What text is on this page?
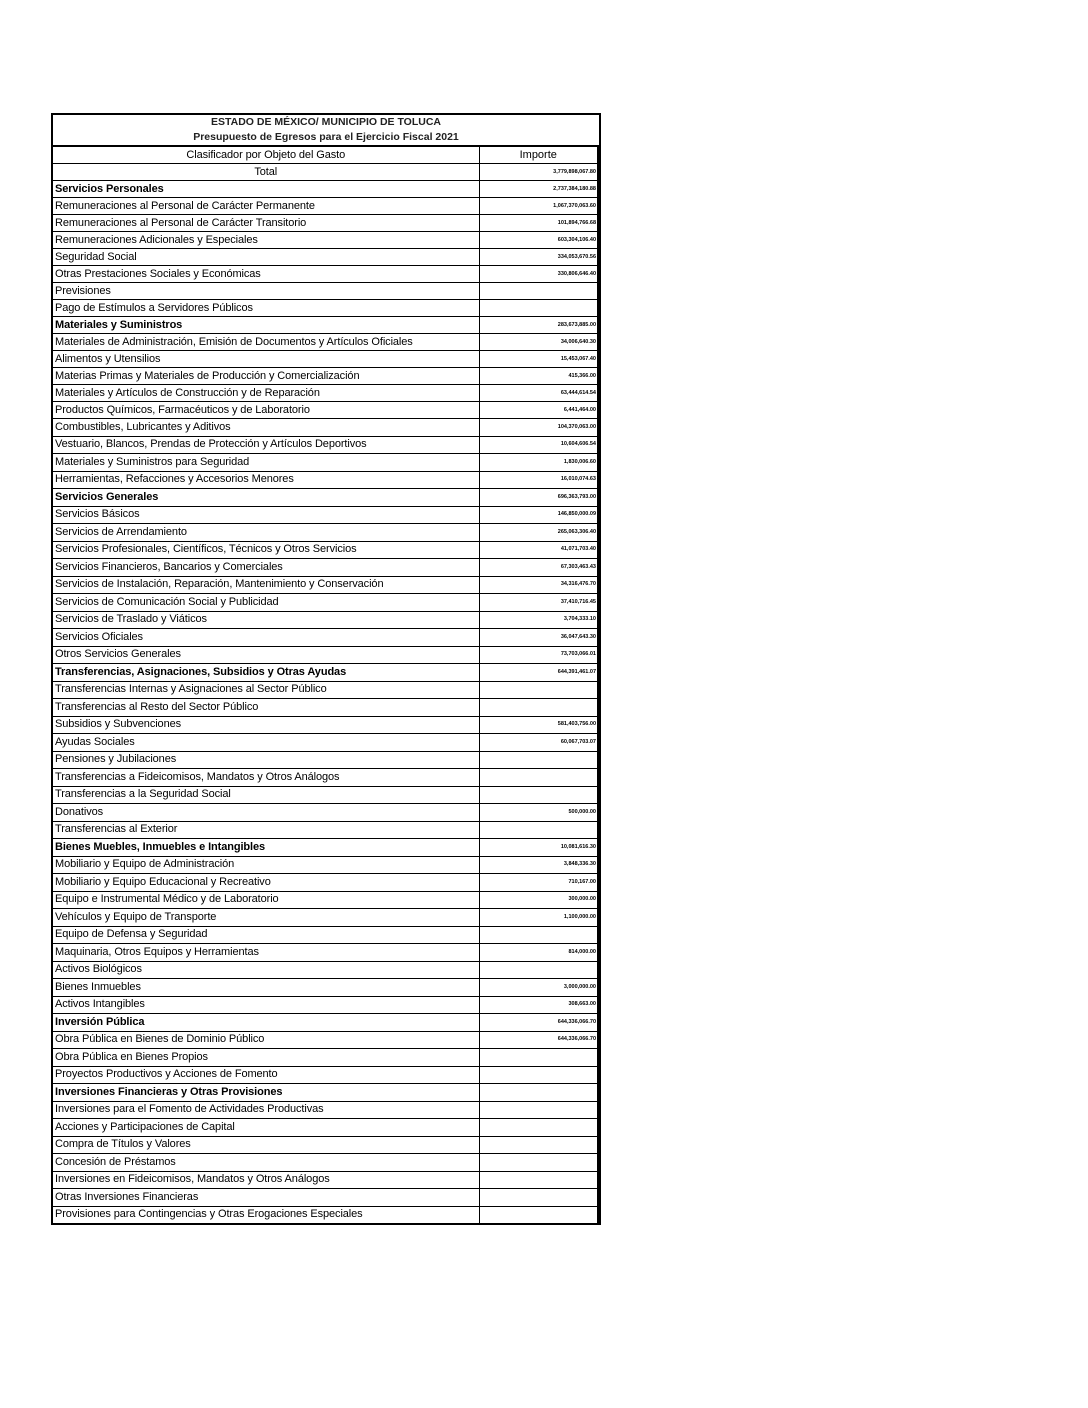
ESTADO DE MÉXICO/ MUNICIPIO DE TOLUCA
Presupuesto de Egresos para el Ejercicio Fiscal 2021
Clasificador por Objeto del Gasto	Importe
Total	3,779,898,067.80
Servicios Personales	2,737,384,180.88
Remuneraciones al Personal de Carácter Permanente	1,067,370,063.60
Remuneraciones al Personal de Carácter Transitorio	101,894,766.68
Remuneraciones Adicionales y Especiales	603,304,106.40
Seguridad Social	334,053,670.56
Otras Prestaciones Sociales y Económicas	330,806,646.40
Previsiones	
Pago de Estímulos a Servidores Públicos	
Materiales y Suministros	283,673,885.00
Materiales de Administración, Emisión de Documentos y Artículos Oficiales	34,006,640.30
Alimentos y Utensilios	15,453,067.40
Materias Primas y Materiales de Producción y Comercialización	415,366.00
Materiales y Artículos de Construcción y de Reparación	63,444,614.54
Productos Químicos, Farmacéuticos y de Laboratorio	6,441,464.00
Combustibles, Lubricantes y Aditivos	104,370,063.00
Vestuario, Blancos, Prendas de Protección y Artículos Deportivos	10,604,606.54
Materiales y Suministros para Seguridad	1,830,006.60
Herramientas, Refacciones y Accesorios Menores	16,010,074.63
Servicios Generales	696,363,793.00
Servicios Básicos	146,850,000.09
Servicios de Arrendamiento	265,063,306.40
Servicios Profesionales, Científicos, Técnicos y Otros Servicios	41,071,703.40
Servicios Financieros, Bancarios y Comerciales	67,303,463.43
Servicios de Instalación, Reparación, Mantenimiento y Conservación	34,316,476.70
Servicios de Comunicación Social y Publicidad	37,410,716.45
Servicios de Traslado y Viáticos	3,704,333.10
Servicios Oficiales	36,047,643.30
Otros Servicios Generales	73,703,066.01
Transferencias, Asignaciones, Subsidios y Otras Ayudas	644,391,461.07
Transferencias Internas y Asignaciones al Sector Público	
Transferencias al Resto del Sector Público	
Subsidios y Subvenciones	581,403,756.00
Ayudas Sociales	60,067,703.07
Pensiones y Jubilaciones	
Transferencias a Fideicomisos, Mandatos y Otros Análogos	
Transferencias a la Seguridad Social	
Donativos	500,000.00
Transferencias al Exterior	
Bienes Muebles, Inmuebles e Intangibles	10,081,616.30
Mobiliario y Equipo de Administración	3,848,336.30
Mobiliario y Equipo Educacional y Recreativo	710,167.00
Equipo e Instrumental Médico y de Laboratorio	300,000.00
Vehículos y Equipo de Transporte	1,100,000.00
Equipo de Defensa y Seguridad	
Maquinaria, Otros Equipos y Herramientas	814,000.00
Activos Biológicos	
Bienes Inmuebles	3,000,000.00
Activos Intangibles	308,663.00
Inversión Pública	644,336,066.70
Obra Pública en Bienes de Dominio Público	644,336,066.70
Obra Pública en Bienes Propios	
Proyectos Productivos y Acciones de Fomento	
Inversiones Financieras y Otras Provisiones	
Inversiones para el Fomento de Actividades Productivas	
Acciones y Participaciones de Capital	
Compra de Títulos y Valores	
Concesión de Préstamos	
Inversiones en Fideicomisos, Mandatos y Otros Análogos	
Otras Inversiones Financieras	
Provisiones para Contingencias y Otras Erogaciones Especiales	
